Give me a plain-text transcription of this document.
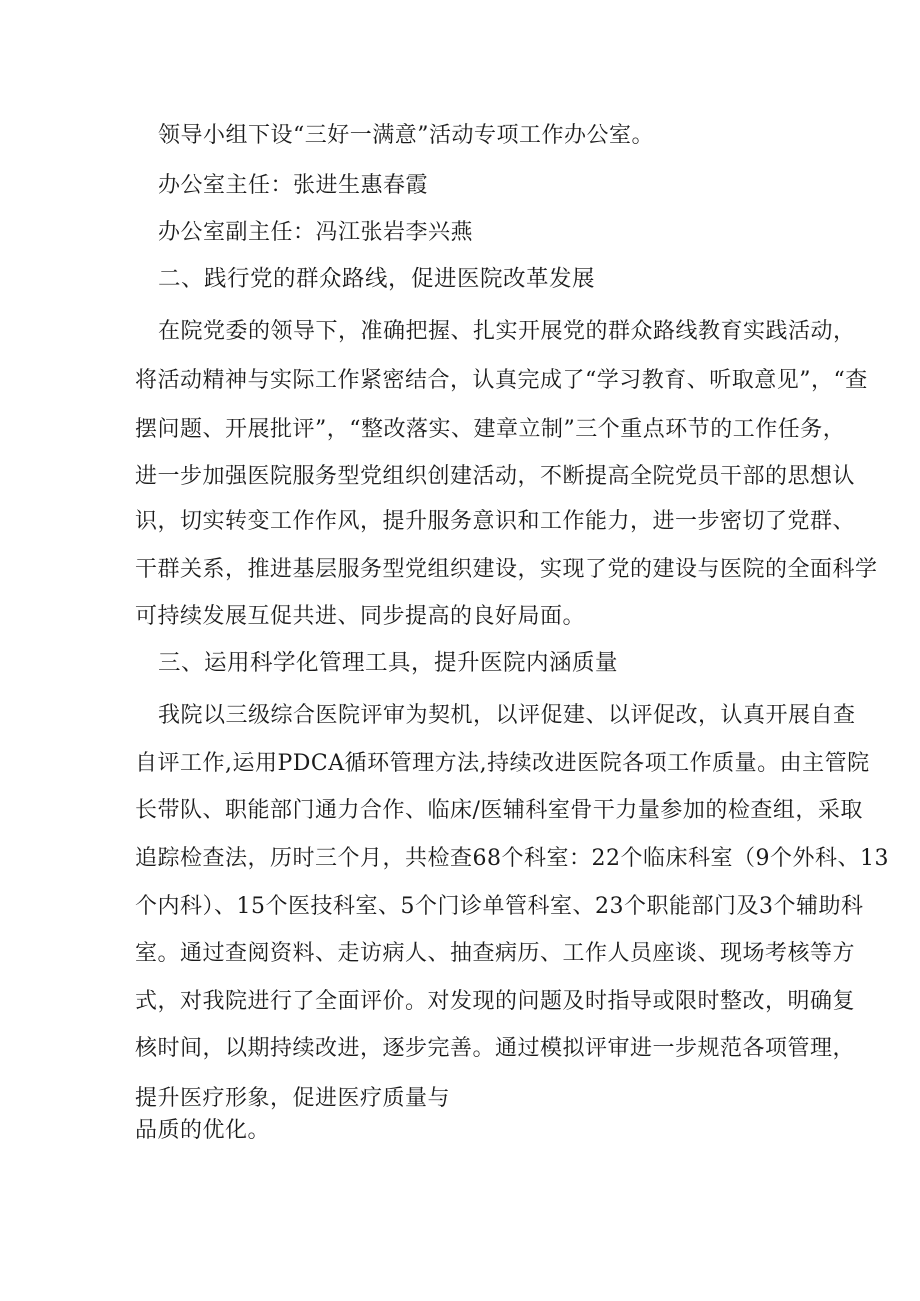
领导小组下设“三好一满意”活动专项工作办公室。
办公室主任：张进生惠春霞
办公室副主任：冯江张岩李兴燕
二、践行党的群众路线，促进医院改革发展
在院党委的领导下，准确把握、扎实开展党的群众路线教育实践活动，
将活动精神与实际工作紧密结合，认真完成了“学习教育、听取意见”，“查
摆问题、开展批评”，“整改落实、建章立制”三个重点环节的工作任务，
进一步加强医院服务型党组织创建活动，不断提高全院党员干部的思想认
识，切实转变工作作风，提升服务意识和工作能力，进一步密切了党群、
干群关系，推进基层服务型党组织建设，实现了党的建设与医院的全面科学
可持续发展互促共进、同步提高的良好局面。
三、运用科学化管理工具，提升医院内涵质量
我院以三级综合医院评审为契机，以评促建、以评促改，认真开展自查
自评工作,运用PDCA循环管理方法,持续改进医院各项工作质量。由主管院
长带队、职能部门通力合作、临床/医辅科室骨干力量参加的检查组，采取
追踪检查法，历时三个月，共检查68个科室：22个临床科室（9个外科、13
个内科）、15个医技科室、5个门诊单管科室、23个职能部门及3个辅助科
室。通过查阅资料、走访病人、抽查病历、工作人员座谈、现场考核等方
式，对我院进行了全面评价。对发现的问题及时指导或限时整改，明确复
核时间，以期持续改进，逐步完善。通过模拟评审进一步规范各项管理，
提升医疗形象，促进医疗质量与
品质的优化。
